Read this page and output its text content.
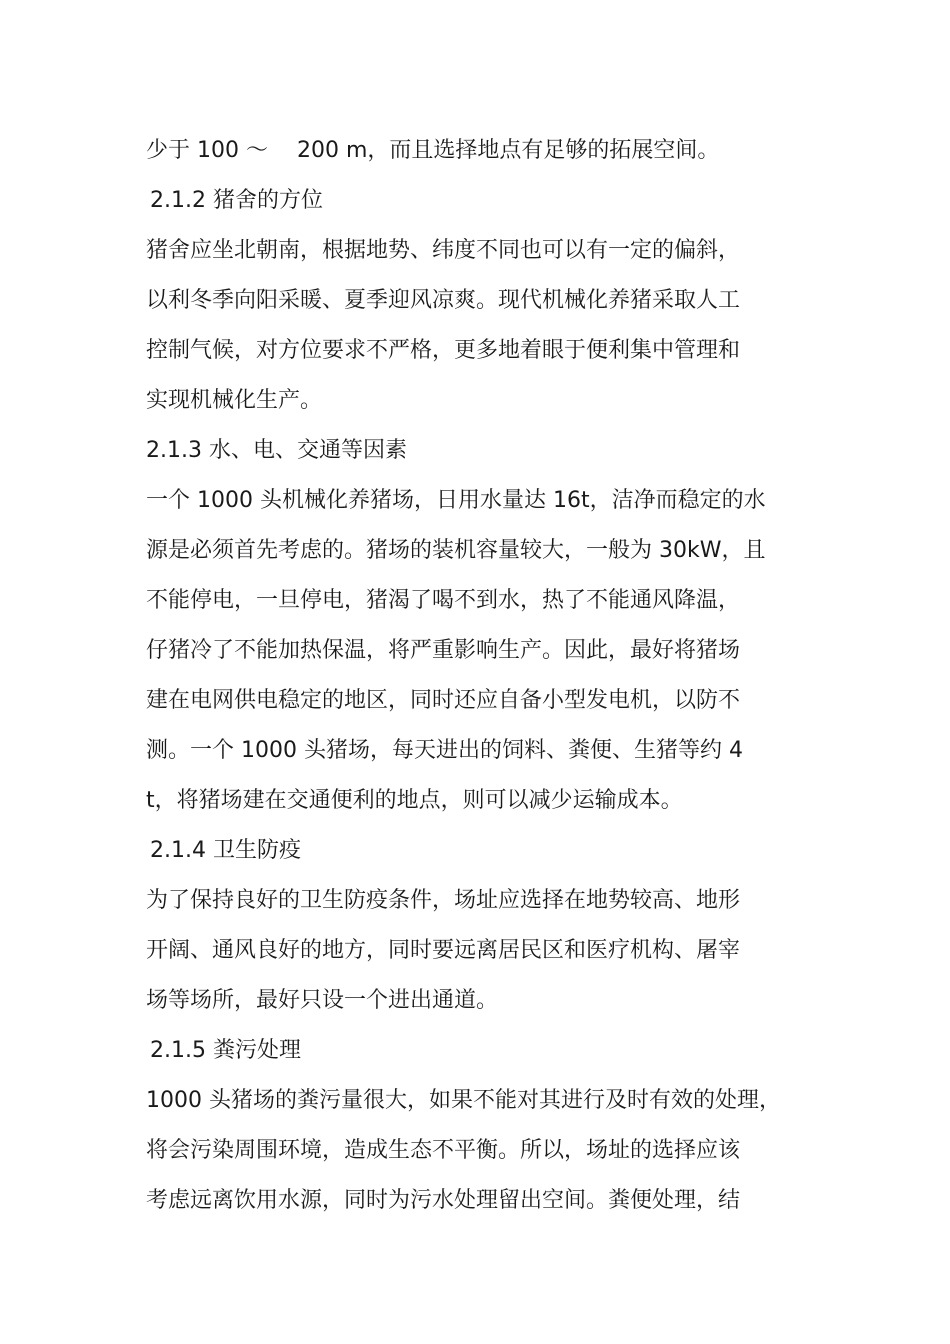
少于 100 ～　 200 m，而且选择地点有足够的拓展空间。
2.1.2 猪舍的方位
猪舍应坐北朝南，根据地势、纬度不同也可以有一定的偏斜，
以利冬季向阳采暖、夏季迎风凉爽。现代机械化养猪采取人工
控制气候，对方位要求不严格，更多地着眼于便利集中管理和
实现机械化生产。
2.1.3 水、电、交通等因素
一个 1000 头机械化养猪场，日用水量达 16t，洁净而稳定的水
源是必须首先考虑的。猪场的装机容量较大，一般为 30kW，且
不能停电，一旦停电，猪渴了喝不到水，热了不能通风降温，
仔猪冷了不能加热保温，将严重影响生产。因此，最好将猪场
建在电网供电稳定的地区，同时还应自备小型发电机，以防不
测。一个 1000 头猪场，每天进出的饲料、粪便、生猪等约 4
t，将猪场建在交通便利的地点，则可以减少运输成本。
2.1.4 卫生防疫
为了保持良好的卫生防疫条件，场址应选择在地势较高、地形
开阔、通风良好的地方，同时要远离居民区和医疗机构、屠宰
场等场所，最好只设一个进出通道。
2.1.5 粪污处理
1000 头猪场的粪污量很大，如果不能对其进行及时有效的处理，
将会污染周围环境，造成生态不平衡。所以，场址的选择应该
考虑远离饮用水源，同时为污水处理留出空间。粪便处理，结
